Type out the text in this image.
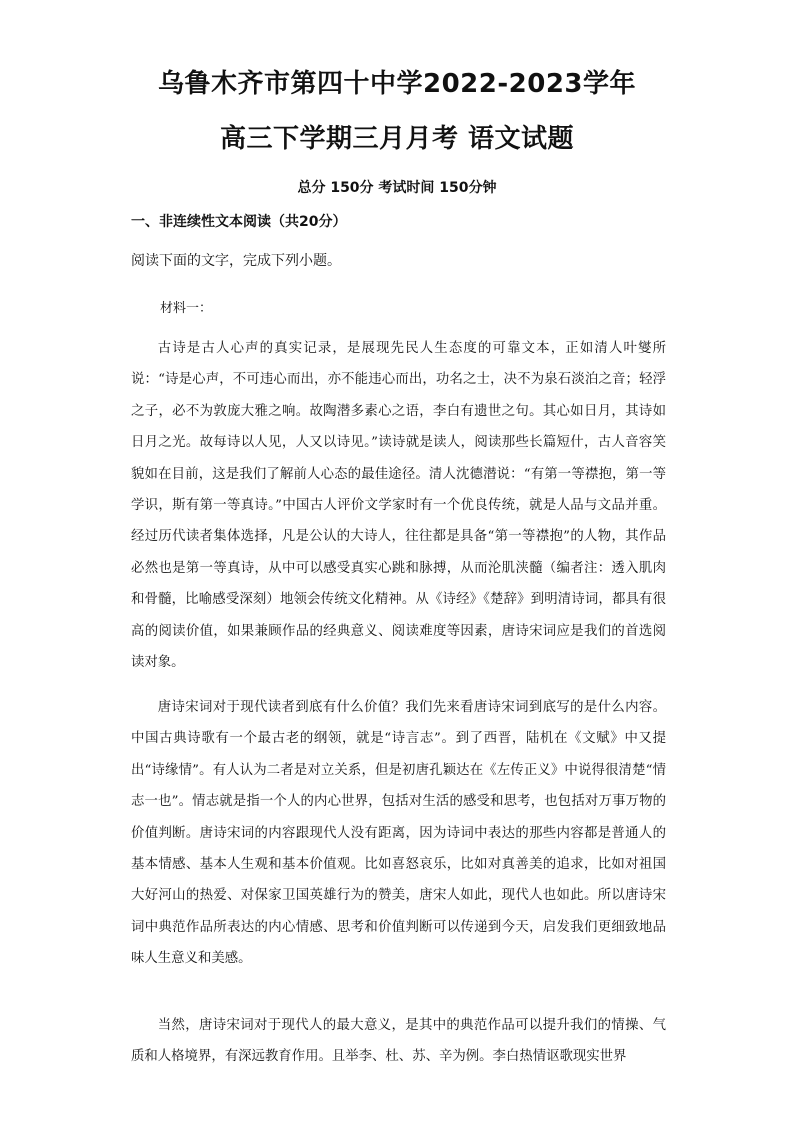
乌鲁木齐市第四十中学2022-2023学年
高三下学期三月月考 语文试题

总分 150分 考试时间 150分钟

一、非连续性文本阅读（共20分）

阅读下面的文字，完成下列小题。

材料一：

古诗是古人心声的真实记录，是展现先民人生态度的可靠文本，正如清人叶燮所说：“诗是心声，不可违心而出，亦不能违心而出，功名之士，决不为泉石淡泊之音；轻浮之子，必不为敦庞大雅之响。故陶潜多素心之语，李白有遗世之句。其心如日月，其诗如日月之光。故每诗以人见，人又以诗见。”读诗就是读人，阅读那些长篇短什，古人音容笑貌如在目前，这是我们了解前人心态的最佳途径。清人沈德潜说：“有第一等襟抱，第一等学识，斯有第一等真诗。”中国古人评价文学家时有一个优良传统，就是人品与文品并重。经过历代读者集体选择，凡是公认的大诗人，往往都是具备“第一等襟抱”的人物，其作品必然也是第一等真诗，从中可以感受真实心跳和脉搏，从而沦肌浃髓（编者注：透入肌肉和骨髓，比喻感受深刻）地领会传统文化精神。从《诗经》《楚辞》到明清诗词，都具有很高的阅读价值，如果兼顾作品的经典意义、阅读难度等因素，唐诗宋词应是我们的首选阅读对象。

唐诗宋词对于现代读者到底有什么价值？我们先来看唐诗宋词到底写的是什么内容。中国古典诗歌有一个最古老的纲领，就是“诗言志”。到了西晋，陆机在《文赋》中又提出“诗缘情”。有人认为二者是对立关系，但是初唐孔颖达在《左传正义》中说得很清楚“情志一也”。情志就是指一个人的内心世界，包括对生活的感受和思考，也包括对万事万物的价值判断。唐诗宋词的内容跟现代人没有距离，因为诗词中表达的那些内容都是普通人的基本情感、基本人生观和基本价值观。比如喜怒哀乐，比如对真善美的追求，比如对祖国大好河山的热爱、对保家卫国英雄行为的赞美，唐宋人如此，现代人也如此。所以唐诗宋词中典范作品所表达的内心情感、思考和价值判断可以传递到今天，启发我们更细致地品味人生意义和美感。

当然，唐诗宋词对于现代人的最大意义，是其中的典范作品可以提升我们的情操、气质和人格境界，有深远教育作用。且举李、杜、苏、辛为例。李白热情讴歌现实世界
